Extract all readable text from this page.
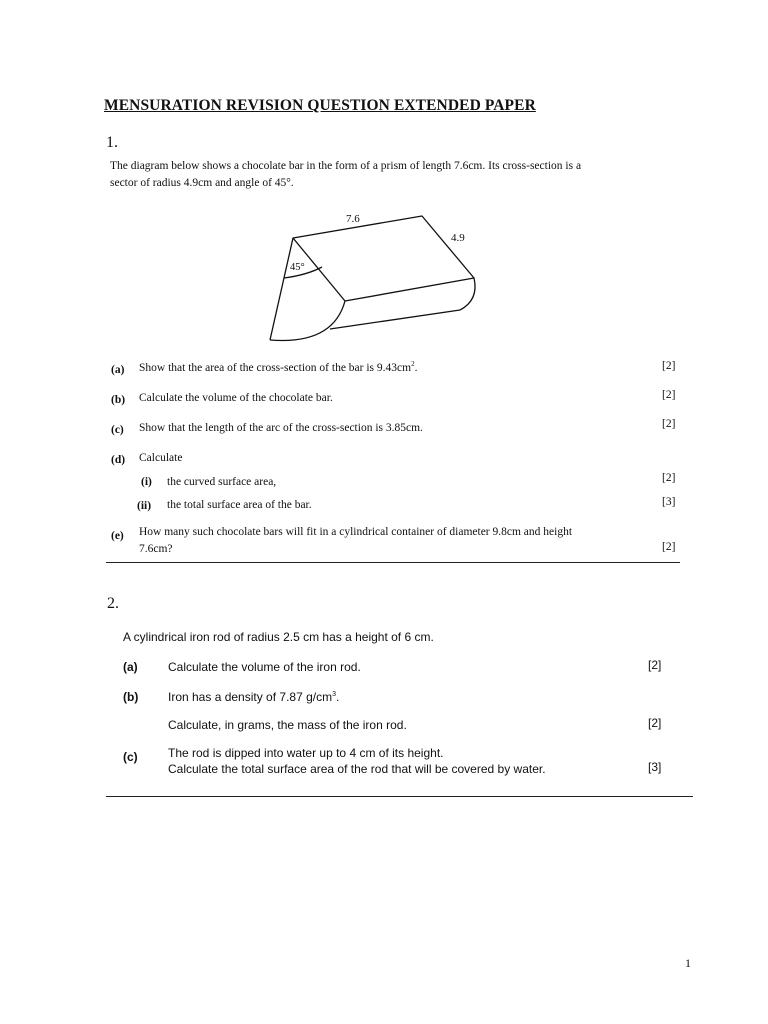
MENSURATION REVISION QUESTION EXTENDED PAPER
1.
The diagram below shows a chocolate bar in the form of a prism of length 7.6cm. Its cross-section is a
sector of radius 4.9cm and angle of 45°.
7.6
4.9
45°
(a) Show that the area of the cross-section of the bar is $9.43cm^2$.	[2]
(b) Calculate the volume of the chocolate bar.	[2]
(c) Show that the length of the arc of the cross-section is 3.85cm.	[2]
(d) Calculate
(i) the curved surface area,	[2]
(ii) the total surface area of the bar.	[3]
(e) How many such chocolate bars will fit in a cylindrical container of diameter 9.8cm and height
7.6cm?	[2]
2.
A cylindrical iron rod of radius 2.5 cm has a height of 6 cm.
(a)	Calculate the volume of the iron rod.	[2]
(b) Iron has a density of 7.87 $g/cm^3$.
Calculate, in grams, the mass of the iron rod.	[2]
(c)	The rod is dipped into water up to 4 cm of its height.
Calculate the total surface area of the rod that will be covered by water.	[3]
1
